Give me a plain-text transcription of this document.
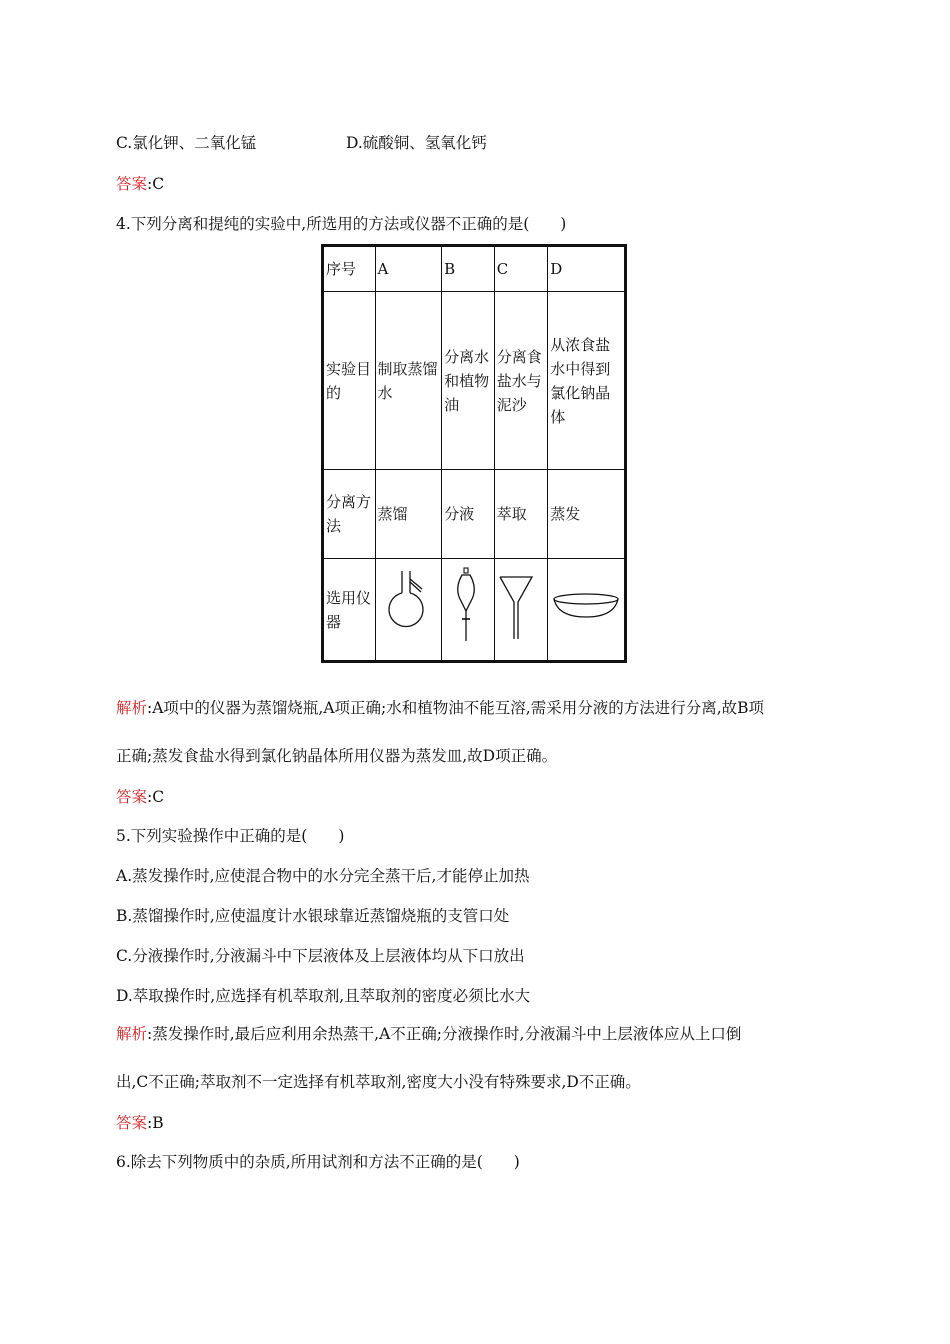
C.氯化钾、二氧化锰	D.硫酸铜、氢氧化钙
答案:C
4.下列分离和提纯的实验中,所选用的方法或仪器不正确的是(　　)
序号	A	B	C	D
实验目的	制取蒸馏水	分离水和植物油	分离食盐水与泥沙	从浓食盐水中得到氯化钠晶体
分离方法	蒸馏	分液	萃取	蒸发
选用仪器	

解析:A项中的仪器为蒸馏烧瓶,A项正确;水和植物油不能互溶,需采用分液的方法进行分离,故B项
正确;蒸发食盐水得到氯化钠晶体所用仪器为蒸发皿,故D项正确。
答案:C
5.下列实验操作中正确的是(　　)
A.蒸发操作时,应使混合物中的水分完全蒸干后,才能停止加热
B.蒸馏操作时,应使温度计水银球靠近蒸馏烧瓶的支管口处
C.分液操作时,分液漏斗中下层液体及上层液体均从下口放出
D.萃取操作时,应选择有机萃取剂,且萃取剂的密度必须比水大
解析:蒸发操作时,最后应利用余热蒸干,A不正确;分液操作时,分液漏斗中上层液体应从上口倒
出,C不正确;萃取剂不一定选择有机萃取剂,密度大小没有特殊要求,D不正确。
答案:B
6.除去下列物质中的杂质,所用试剂和方法不正确的是(　　)
